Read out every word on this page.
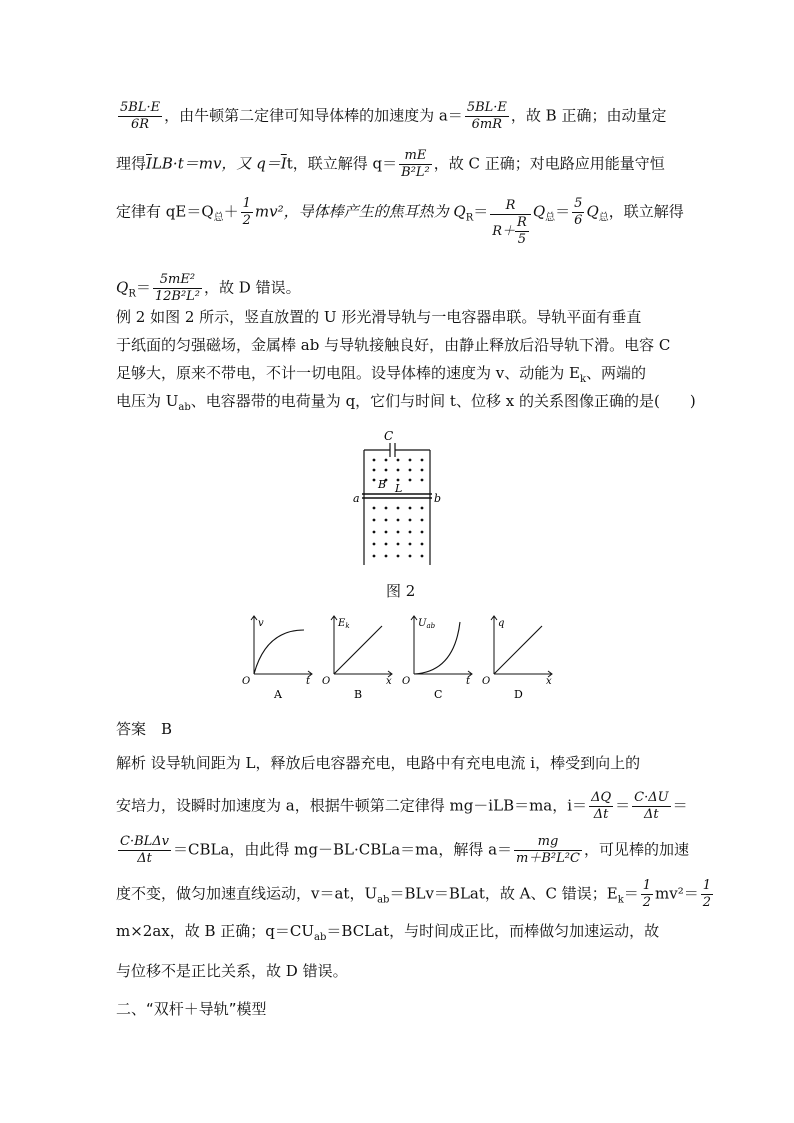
$\frac{5BL\cdot E}{6R}$ ，由牛顿第二定律可知导体棒的加速度为 $a= \frac{5BL\cdot E}{6mR}$ ，故 B 正确；由动量定
理得$\overline{I}LB\cdot t=mv$，又 $q=\overline{I}t$，联立解得 $q= \frac{mE}{\text{B²L²}}$ ，故 C 正确；对电路应用能量守恒
定律有 $qE=Q_总+ \frac{1}{2} mv^2$，导体棒产生的焦耳热为 $Q_R= \frac{R}{R+ \frac{R}{5}} Q_总= \frac{5}{6} Q_总$，联立解得
$Q_R= \frac{\text{5mE²}}{\text{12B²L²}}$ ，故 D 错误。
例 2 如图 2 所示，竖直放置的 U 形光滑导轨与一电容器串联。导轨平面有垂直
于纸面的匀强磁场，金属棒 ab 与导轨接触良好，由静止释放后沿导轨下滑。电容 C
足够大，原来不带电，不计一切电阻。设导体棒的速度为 v、动能为 $E_k$、两端的
电压为 $U_{ab}$、电容器带的电荷量为 q，它们与时间 t、位移 x 的关系图像正确的是(　　)
C
a	b
B L
图 2
v
t
O
A
$E_k$
x
O
B
$U_{ab}$
t
O
C
q
x
O
D
答案　 B
解析 设导轨间距为 L，释放后电容器充电，电路中有充电电流 i，棒受到向上的
安培力，设瞬时加速度为 a，根据牛顿第二定律得 mg－iLB＝ma，$i= \frac{\Delta Q}{\Delta t} = \frac{C\cdot\Delta U}{\Delta t}$ ＝
$\frac{\text{C·BLΔv}}{\Delta t}$ ＝CBLa，由此得 mg－BL·CBLa＝ma，解得 $a= \frac{mg}{\text{m＋B²L²C}}$ ，可见棒的加速
度不变，做匀加速直线运动，v＝at，$U_{ab}=BLv=BLat$，故 A、C 错误；$E_k= \frac{1}{2} mv^2= \frac{1}{2}$
m×2ax，故 B 正确；$q=CU_{ab}=BCLat$，与时间成正比，而棒做匀加速运动，故
与位移不是正比关系，故 D 错误。
二、“双杆＋导轨”模型
